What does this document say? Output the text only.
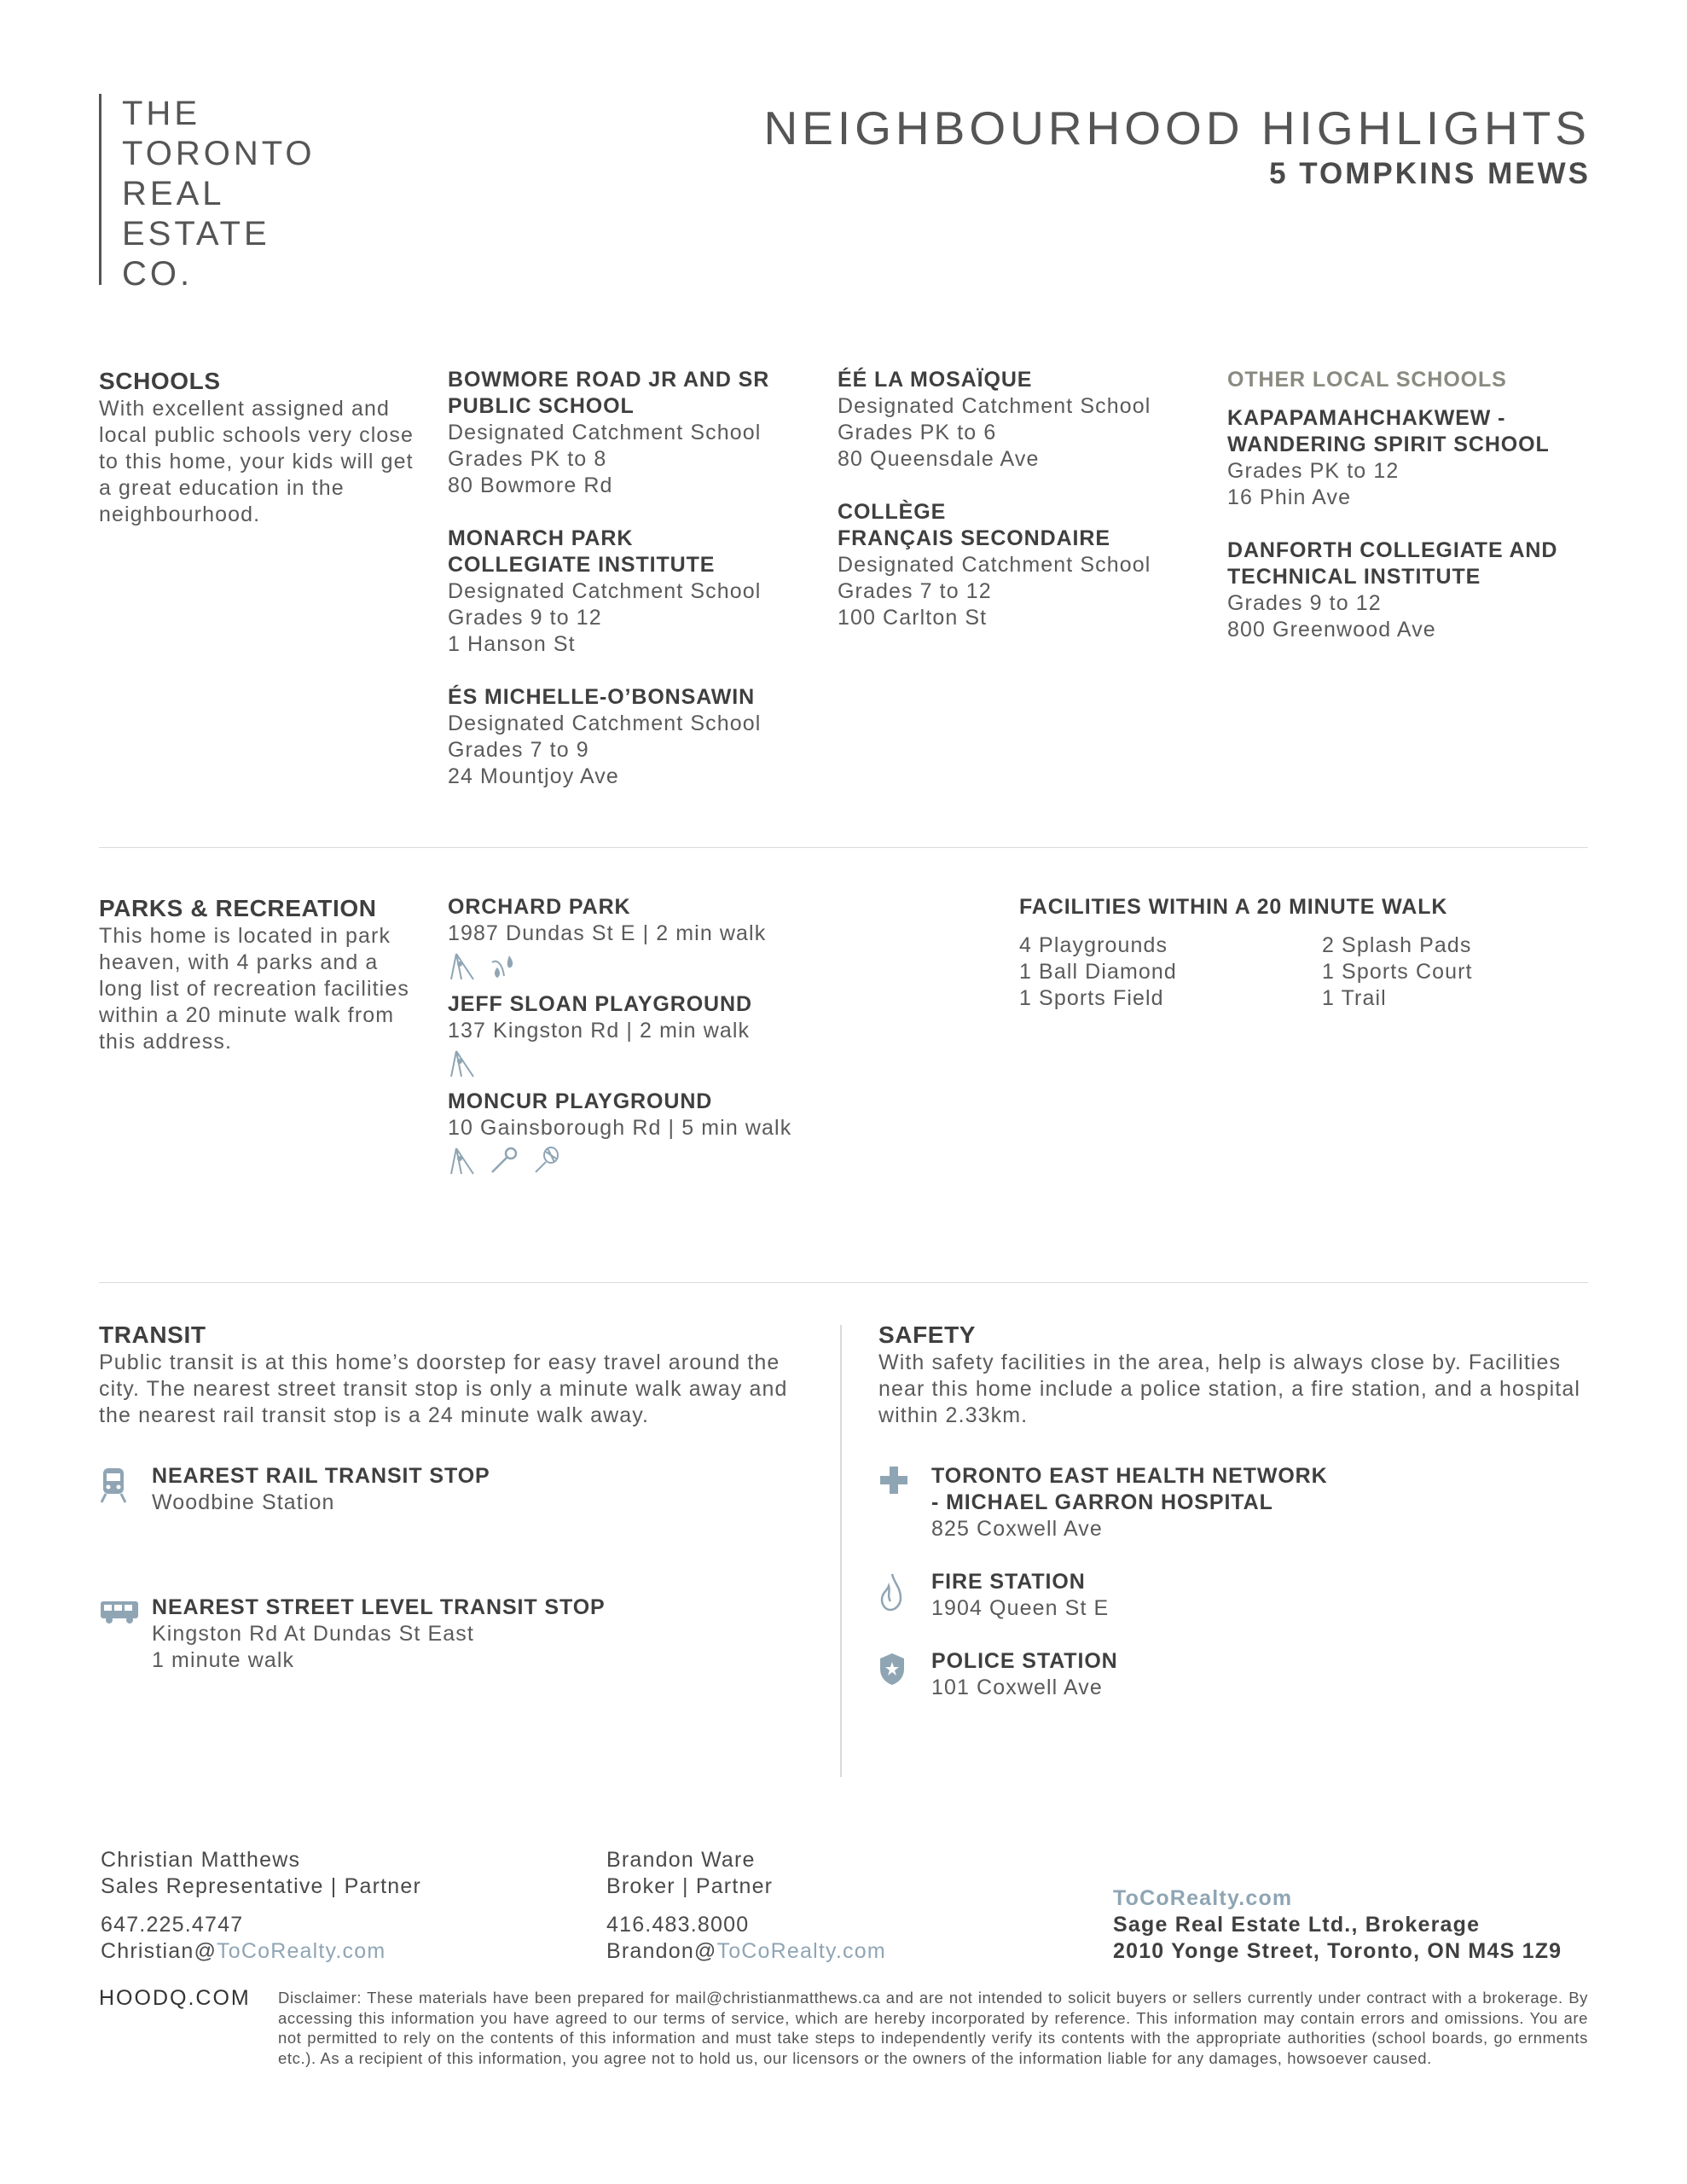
THE
TORONTO
REAL
ESTATE
CO.
NEIGHBOURHOOD HIGHLIGHTS
5 TOMPKINS MEWS
SCHOOLS
With excellent assigned and local public schools very close to this home, your kids will get a great education in the neighbourhood.
BOWMORE ROAD JR AND SR
PUBLIC SCHOOL
Designated Catchment School
Grades PK to 8
80 Bowmore Rd
MONARCH PARK
COLLEGIATE INSTITUTE
Designated Catchment School
Grades 9 to 12
1 Hanson St
ÉS MICHELLE-O’BONSAWIN
Designated Catchment School
Grades 7 to 9
24 Mountjoy Ave
ÉÉ LA MOSAÏQUE
Designated Catchment School
Grades PK to 6
80 Queensdale Ave
COLLÈGE
FRANÇAIS SECONDAIRE
Designated Catchment School
Grades 7 to 12
100 Carlton St
OTHER LOCAL SCHOOLS
KAPAPAMAHCHAKWEW -
WANDERING SPIRIT SCHOOL
Grades PK to 12
16 Phin Ave
DANFORTH COLLEGIATE AND
TECHNICAL INSTITUTE
Grades 9 to 12
800 Greenwood Ave
PARKS & RECREATION
This home is located in park heaven, with 4 parks and a long list of recreation facilities within a 20 minute walk from this address.
ORCHARD PARK
1987 Dundas St E | 2 min walk

JEFF SLOAN PLAYGROUND
137 Kingston Rd | 2 min walk
MONCUR PLAYGROUND
10 Gainsborough Rd | 5 min walk

FACILITIES WITHIN A 20 MINUTE WALK
4 Playgrounds
1 Ball Diamond
1 Sports Field
2 Splash Pads
1 Sports Court
1 Trail
TRANSIT
Public transit is at this home’s doorstep for easy travel around the city. The nearest street transit stop is only a minute walk away and the nearest rail transit stop is a 24 minute walk away.
NEAREST RAIL TRANSIT STOP
Woodbine Station
NEAREST STREET LEVEL TRANSIT STOP
Kingston Rd At Dundas St East
1 minute walk
SAFETY
With safety facilities in the area, help is always close by. Facilities near this home include a police station, a fire station, and a hospital within 2.33km.
TORONTO EAST HEALTH NETWORK
- MICHAEL GARRON HOSPITAL
825 Coxwell Ave
FIRE STATION
1904 Queen St E
POLICE STATION
101 Coxwell Ave
Christian Matthews
Sales Representative | Partner
647.225.4747
Christian@ToCoRealty.com
Brandon Ware
Broker | Partner
416.483.8000
Brandon@ToCoRealty.com
ToCoRealty.com
Sage Real Estate Ltd., Brokerage
2010 Yonge Street, Toronto, ON M4S 1Z9
HOODQ.COM Disclaimer: These materials have been prepared for mail@christianmatthews.ca and are not intended to solicit buyers or sellers currently under contract with a brokerage. By accessing this information you have agreed to our terms of service, which are hereby incorporated by reference. This information may contain errors and omissions. You are not permitted to rely on the contents of this information and must take steps to independently verify its contents with the appropriate authorities (school boards, go ernments etc.). As a recipient of this information, you agree not to hold us, our licensors or the owners of the information liable for any damages, howsoever caused.
